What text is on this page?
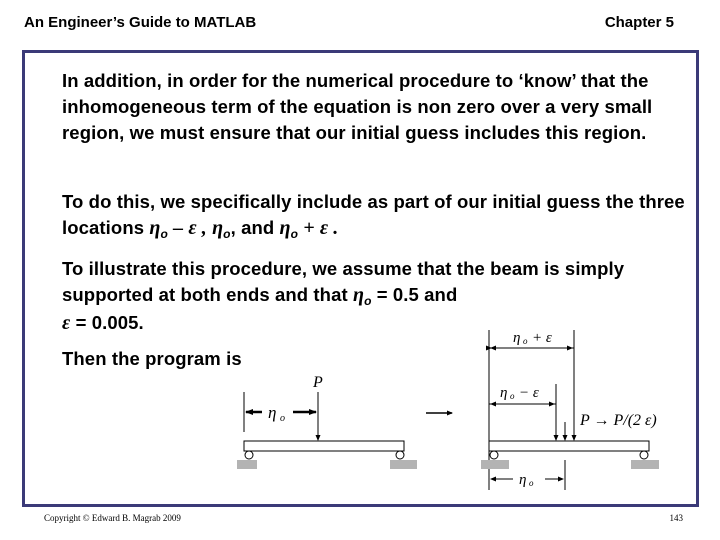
An Engineer’s Guide to MATLAB	Chapter 5
In addition, in order for the numerical procedure to ‘know’ that the inhomogeneous term of the equation is non zero over a very small region, we must ensure that our initial guess includes this region.
To do this, we specifically include as part of our initial guess the three locations $\eta_o$ – ε , $\eta_o$, and $\eta_o + \varepsilon$ .
To illustrate this procedure, we assume that the beam is simply supported at both ends and that $\eta_o = 0.5$ and
ε = 0.005.
Then the program is
η o
P
η o + ε
η o − ε
P → P/(2 ε)
η o
Copyright © Edward B. Magrab 2009	143
